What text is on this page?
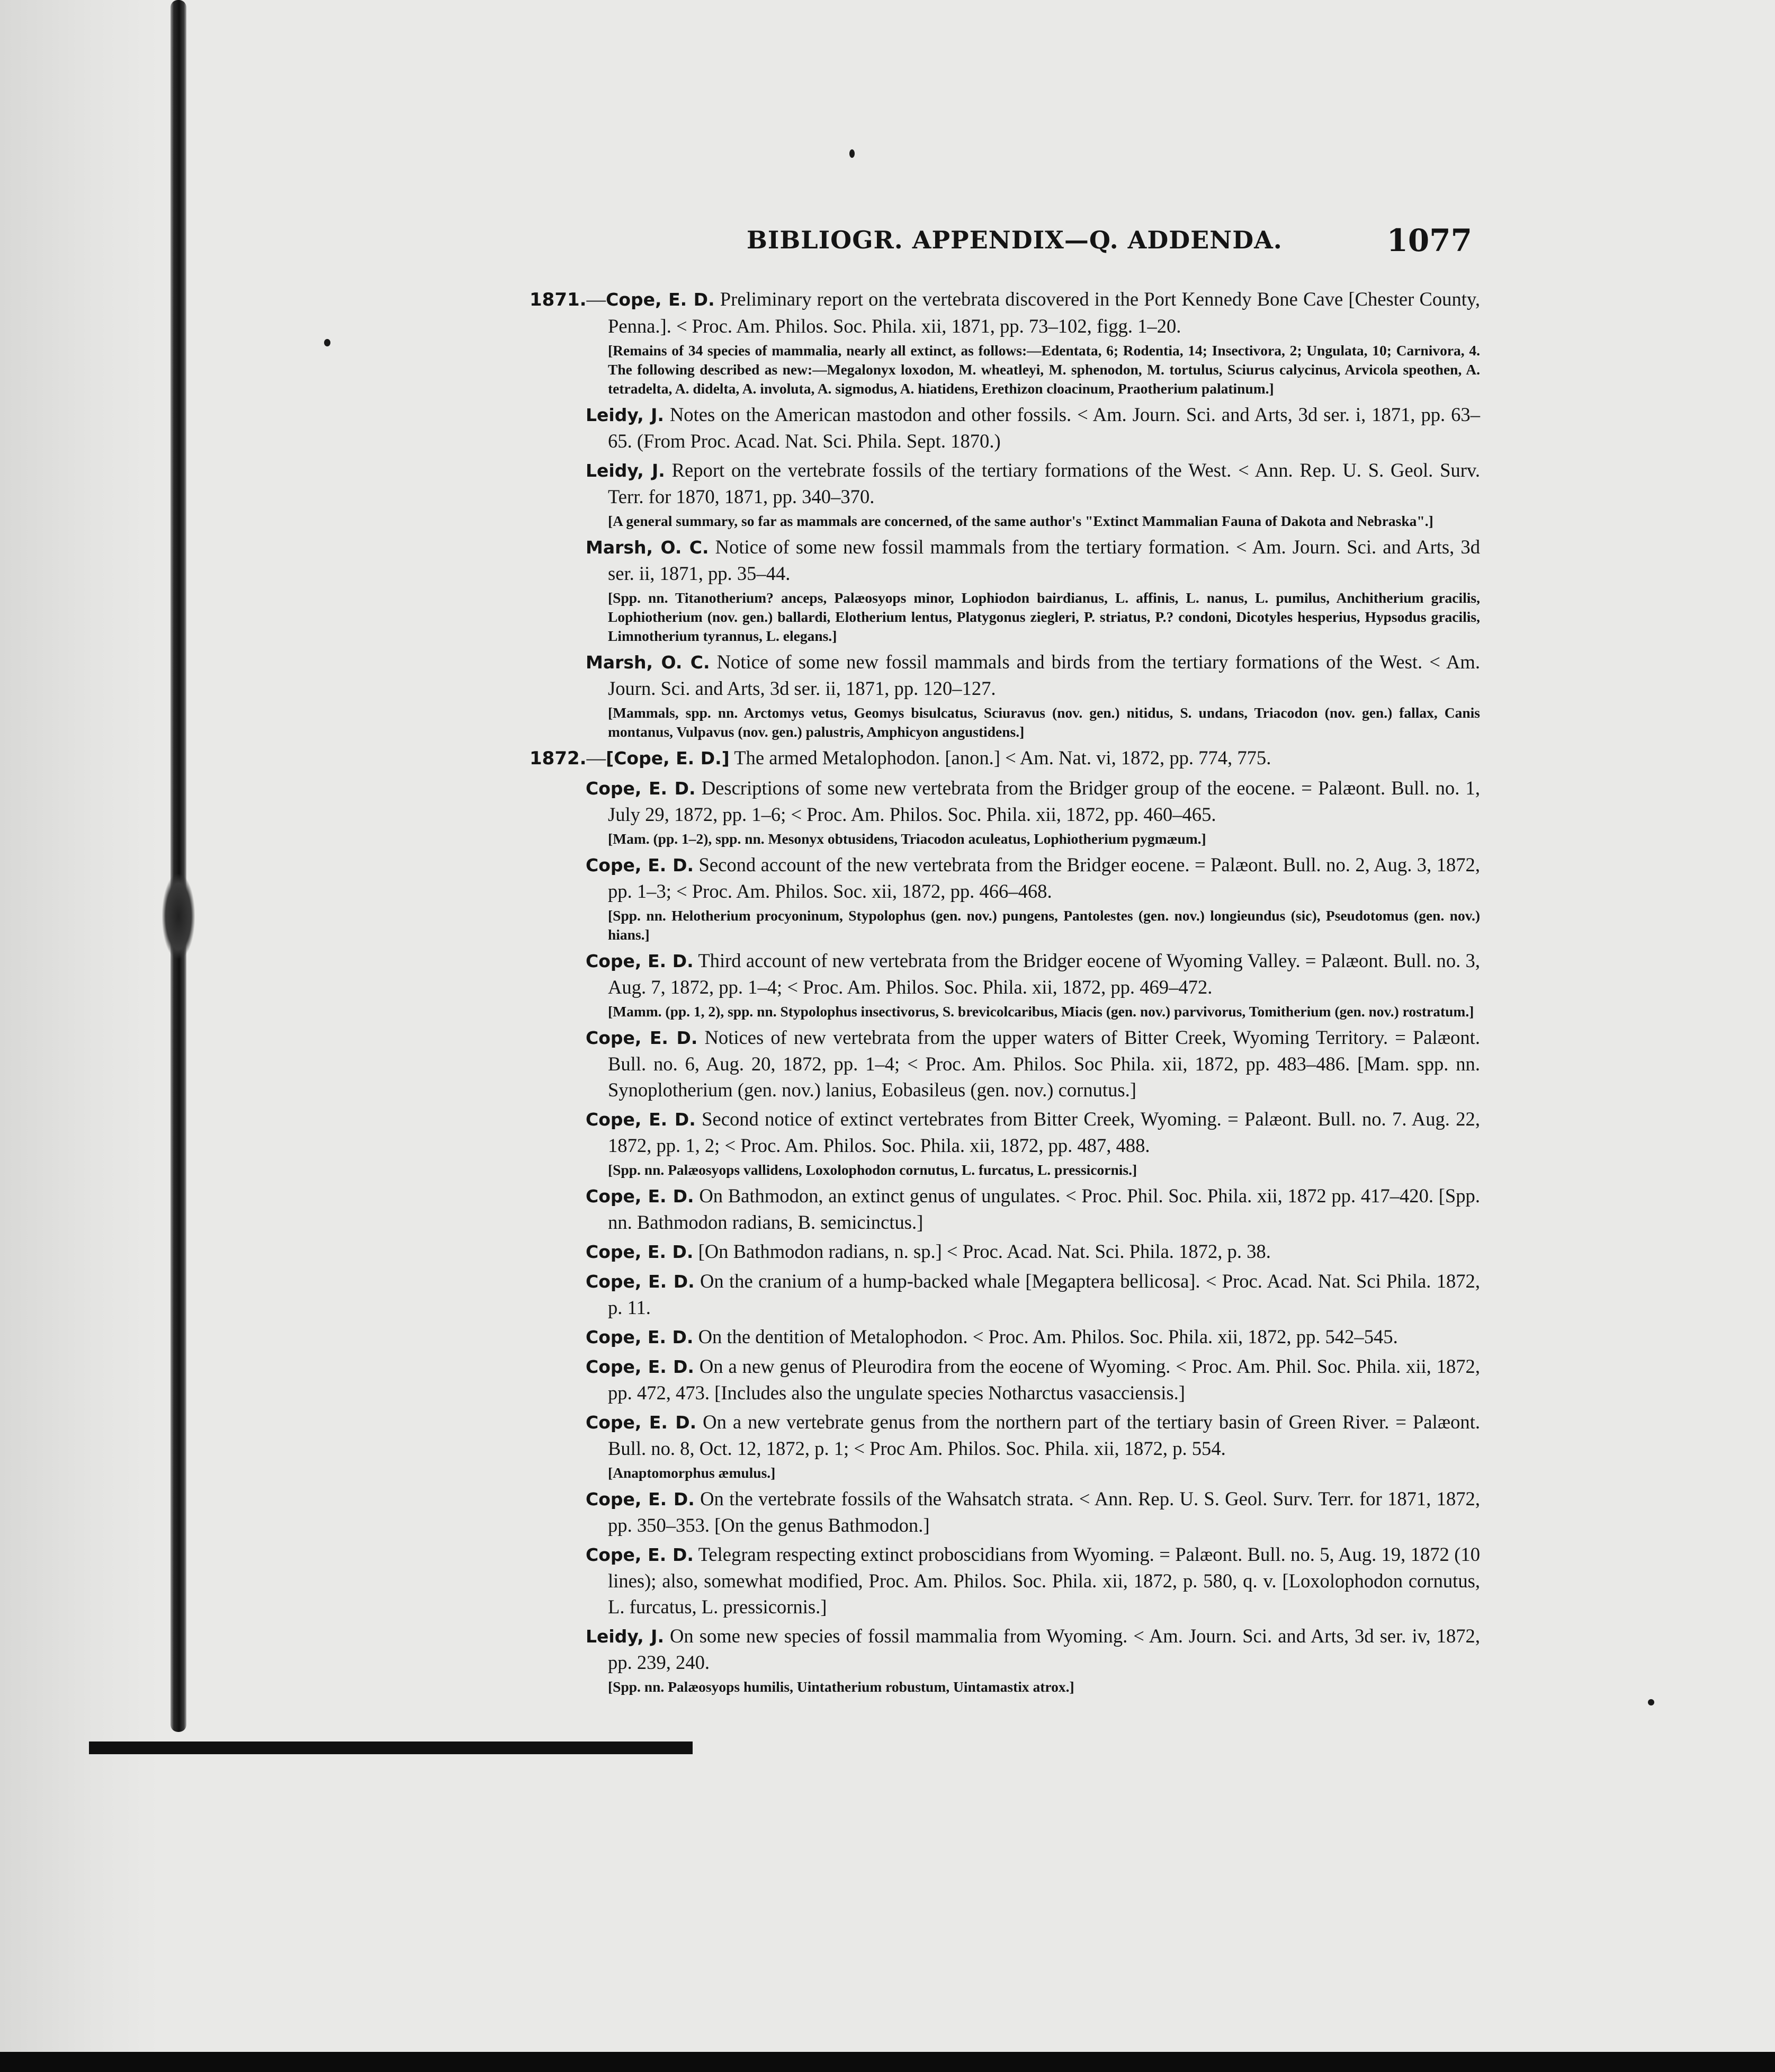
BIBLIOGR. APPENDIX—Q. ADDENDA.	1077
1871.—Cope, E. D. Preliminary report on the vertebrata discovered in the Port Kennedy Bone Cave [Chester County, Penna.]. < Proc. Am. Philos. Soc. Phila. xii, 1871, pp. 73–102, figg. 1–20.
[Remains of 34 species of mammalia, nearly all extinct, as follows:—Edentata, 6; Rodentia, 14; Insectivora, 2; Ungulata, 10; Carnivora, 4. The following described as new:—Megalonyx loxodon, M. wheatleyi, M. sphenodon, M. tortulus, Sciurus calycinus, Arvicola speothen, A. tetradelta, A. didelta, A. involuta, A. sigmodus, A. hiatidens, Erethizon cloacinum, Praotherium palatinum.]
Leidy, J. Notes on the American mastodon and other fossils. < Am. Journ. Sci. and Arts, 3d ser. i, 1871, pp. 63–65. (From Proc. Acad. Nat. Sci. Phila. Sept. 1870.)
Leidy, J. Report on the vertebrate fossils of the tertiary formations of the West. < Ann. Rep. U. S. Geol. Surv. Terr. for 1870, 1871, pp. 340–370.
[A general summary, so far as mammals are concerned, of the same author's "Extinct Mammalian Fauna of Dakota and Nebraska".]
Marsh, O. C. Notice of some new fossil mammals from the tertiary formation. < Am. Journ. Sci. and Arts, 3d ser. ii, 1871, pp. 35–44.
[Spp. nn. Titanotherium? anceps, Palæosyops minor, Lophiodon bairdianus, L. affinis, L. nanus, L. pumilus, Anchitherium gracilis, Lophiotherium (nov. gen.) ballardi, Elotherium lentus, Platygonus ziegleri, P. striatus, P.? condoni, Dicotyles hesperius, Hypsodus gracilis, Limnotherium tyrannus, L. elegans.]
Marsh, O. C. Notice of some new fossil mammals and birds from the tertiary formations of the West. < Am. Journ. Sci. and Arts, 3d ser. ii, 1871, pp. 120–127.
[Mammals, spp. nn. Arctomys vetus, Geomys bisulcatus, Sciuravus (nov. gen.) nitidus, S. undans, Triacodon (nov. gen.) fallax, Canis montanus, Vulpavus (nov. gen.) palustris, Amphicyon angustidens.]
1872.—[Cope, E. D.] The armed Metalophodon. [anon.] < Am. Nat. vi, 1872, pp. 774, 775.
Cope, E. D. Descriptions of some new vertebrata from the Bridger group of the eocene. = Palæont. Bull. no. 1, July 29, 1872, pp. 1–6; < Proc. Am. Philos. Soc. Phila. xii, 1872, pp. 460–465.
[Mam. (pp. 1–2), spp. nn. Mesonyx obtusidens, Triacodon aculeatus, Lophiotherium pygmæum.]
Cope, E. D. Second account of the new vertebrata from the Bridger eocene. = Palæont. Bull. no. 2, Aug. 3, 1872, pp. 1–3; < Proc. Am. Philos. Soc. xii, 1872, pp. 466–468.
[Spp. nn. Helotherium procyoninum, Stypolophus (gen. nov.) pungens, Pantolestes (gen. nov.) longieundus (sic), Pseudotomus (gen. nov.) hians.]
Cope, E. D. Third account of new vertebrata from the Bridger eocene of Wyoming Valley. = Palæont. Bull. no. 3, Aug. 7, 1872, pp. 1–4; < Proc. Am. Philos. Soc. Phila. xii, 1872, pp. 469–472.
[Mamm. (pp. 1, 2), spp. nn. Stypolophus insectivorus, S. brevicolcaribus, Miacis (gen. nov.) parvivorus, Tomitherium (gen. nov.) rostratum.]
Cope, E. D. Notices of new vertebrata from the upper waters of Bitter Creek, Wyoming Territory. = Palæont. Bull. no. 6, Aug. 20, 1872, pp. 1–4; < Proc. Am. Philos. Soc Phila. xii, 1872, pp. 483–486. [Mam. spp. nn. Synoplotherium (gen. nov.) lanius, Eobasileus (gen. nov.) cornutus.]
Cope, E. D. Second notice of extinct vertebrates from Bitter Creek, Wyoming. = Palæont. Bull. no. 7. Aug. 22, 1872, pp. 1, 2; < Proc. Am. Philos. Soc. Phila. xii, 1872, pp. 487, 488.
[Spp. nn. Palæosyops vallidens, Loxolophodon cornutus, L. furcatus, L. pressicornis.]
Cope, E. D. On Bathmodon, an extinct genus of ungulates. < Proc. Phil. Soc. Phila. xii, 1872 pp. 417–420. [Spp. nn. Bathmodon radians, B. semicinctus.]
Cope, E. D. [On Bathmodon radians, n. sp.] < Proc. Acad. Nat. Sci. Phila. 1872, p. 38.
Cope, E. D. On the cranium of a hump-backed whale [Megaptera bellicosa]. < Proc. Acad. Nat. Sci Phila. 1872, p. 11.
Cope, E. D. On the dentition of Metalophodon. < Proc. Am. Philos. Soc. Phila. xii, 1872, pp. 542–545.
Cope, E. D. On a new genus of Pleurodira from the eocene of Wyoming. < Proc. Am. Phil. Soc. Phila. xii, 1872, pp. 472, 473. [Includes also the ungulate species Notharctus vasacciensis.]
Cope, E. D. On a new vertebrate genus from the northern part of the tertiary basin of Green River. = Palæont. Bull. no. 8, Oct. 12, 1872, p. 1; < Proc Am. Philos. Soc. Phila. xii, 1872, p. 554.
[Anaptomorphus æmulus.]
Cope, E. D. On the vertebrate fossils of the Wahsatch strata. < Ann. Rep. U. S. Geol. Surv. Terr. for 1871, 1872, pp. 350–353. [On the genus Bathmodon.]
Cope, E. D. Telegram respecting extinct proboscidians from Wyoming. = Palæont. Bull. no. 5, Aug. 19, 1872 (10 lines); also, somewhat modified, Proc. Am. Philos. Soc. Phila. xii, 1872, p. 580, q. v. [Loxolophodon cornutus, L. furcatus, L. pressicornis.]
Leidy, J. On some new species of fossil mammalia from Wyoming. < Am. Journ. Sci. and Arts, 3d ser. iv, 1872, pp. 239, 240.
[Spp. nn. Palæosyops humilis, Uintatherium robustum, Uintamastix atrox.]
